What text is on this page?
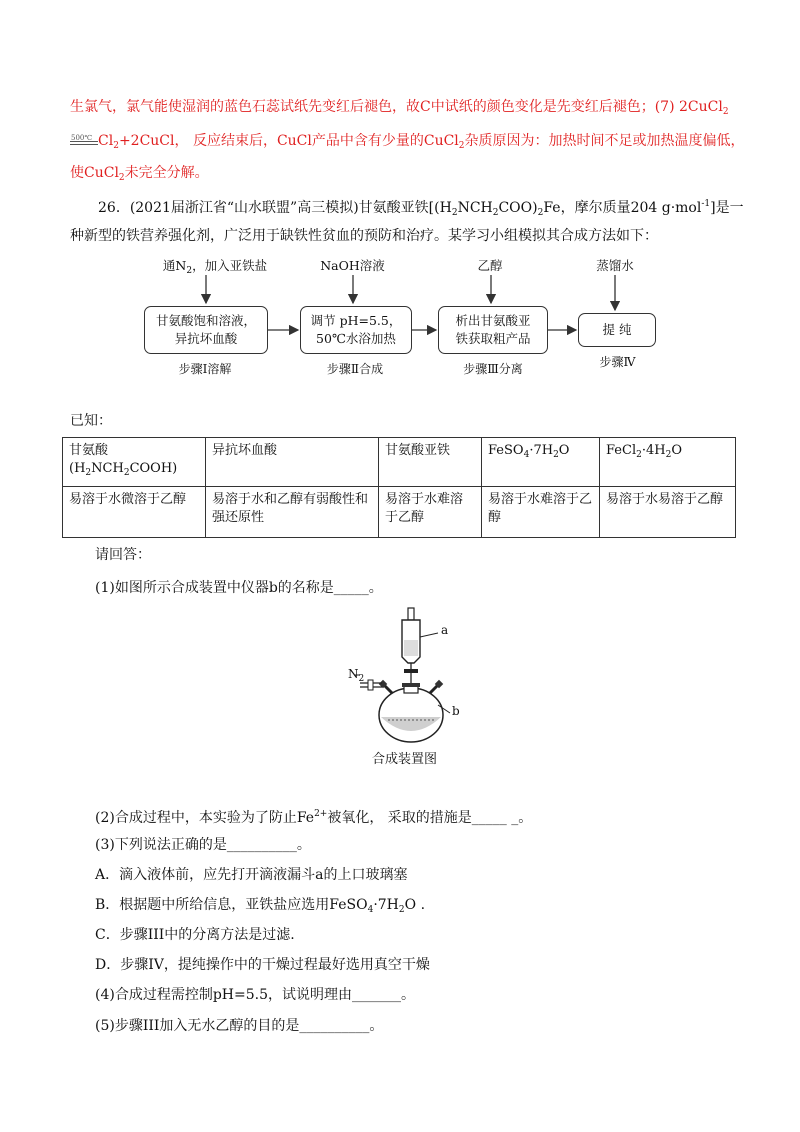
生氯气，氯气能使湿润的蓝色石蕊试纸先变红后褪色，故C中试纸的颜色变化是先变红后褪色；(7) 2CuCl$_2$
500℃ $Cl_2+2CuCl$， 反应结束后，CuCl产品中含有少量的CuCl$_2$杂质原因为：加热时间不足或加热温度偏低，
使CuCl$_2$未完全分解。
26．(2021届浙江省“山水联盟”高三模拟)甘氨酸亚铁[$(H_2NCH_2COO)_2Fe$，摩尔质量204 g·mol$^{-1}$]是一
种新型的铁营养强化剂，广泛用于缺铁性贫血的预防和治疗。某学习小组模拟其合成方法如下：
通$N_2$，加入亚铁盐	NaOH溶液	乙醇	蒸馏水
甘氨酸饱和溶液，
异抗坏血酸
调节 pH=5.5，
50℃水浴加热
析出甘氨酸亚
铁获取粗产品
提 纯
步骤Ⅰ溶解	步骤Ⅱ合成	步骤Ⅲ分离	步骤Ⅳ
已知：
甘氨酸
$(H_2NCH_2COOH)$	异抗坏血酸	甘氨酸亚铁	$FeSO_4\cdot 7H_2O$	$FeCl_2\cdot 4H_2O$
易溶于水微溶于乙醇	易溶于水和乙醇有弱酸性和强还原性	易溶于水难溶于乙醇	易溶于水难溶于乙醇	易溶于水易溶于乙醇
请回答：
(1)如图所示合成装置中仪器b的名称是_____。
$N_2$
a
b
合成装置图
(2)合成过程中，本实验为了防止$Fe^{2+}$被氧化， 采取的措施是_____ _。
(3)下列说法正确的是__________。
A．滴入液体前，应先打开滴液漏斗a的上口玻璃塞
B．根据题中所给信息，亚铁盐应选用$FeSO_4\cdot 7H_2O$ .
C．步骤III中的分离方法是过滤.
D．步骤IV，提纯操作中的干燥过程最好选用真空干燥
(4)合成过程需控制pH=5.5，试说明理由_______。
(5)步骤III加入无水乙醇的目的是__________。
